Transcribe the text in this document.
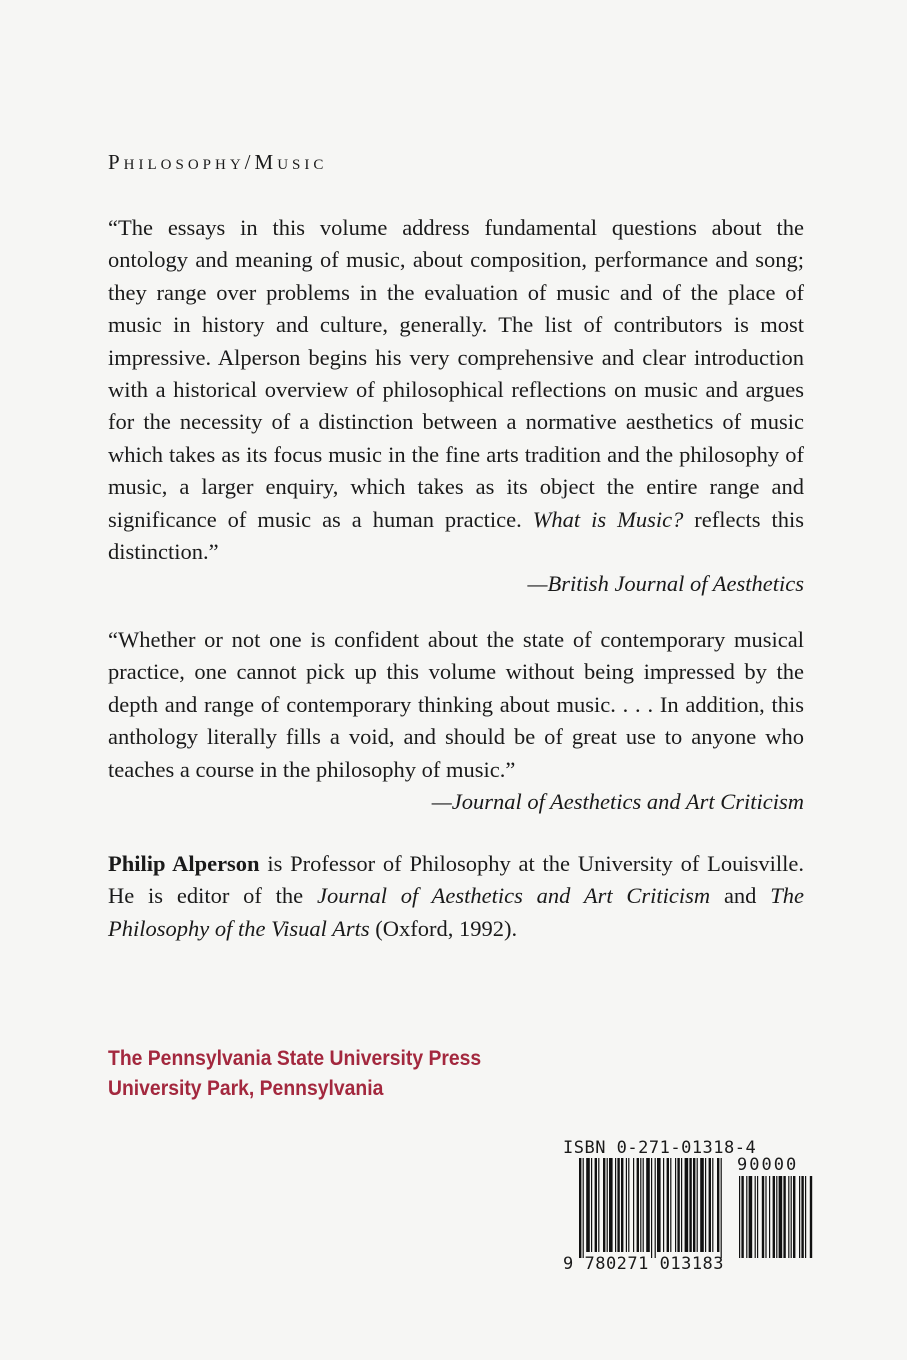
Philosophy/Music
“The essays in this volume address fundamental questions about the ontology and meaning of music, about composition, performance and song; they range over problems in the evaluation of music and of the place of music in history and culture, generally. The list of contributors is most impressive. Alperson begins his very comprehensive and clear introduction with a historical overview of philosophical reflections on music and argues for the necessity of a distinction between a normative aesthetics of music which takes as its focus music in the fine arts tradition and the philosophy of music, a larger enquiry, which takes as its object the entire range and significance of music as a human practice. What is Music? reflects this distinction.”
—British Journal of Aesthetics
“Whether or not one is confident about the state of contemporary musical practice, one cannot pick up this volume without being impressed by the depth and range of contemporary thinking about music. . . . In addition, this anthology literally fills a void, and should be of great use to anyone who teaches a course in the philosophy of music.”
—Journal of Aesthetics and Art Criticism
Philip Alperson is Professor of Philosophy at the University of Louisville. He is editor of the Journal of Aesthetics and Art Criticism and The Philosophy of the Visual Arts (Oxford, 1992).
The Pennsylvania State University Press
University Park, Pennsylvania
ISBN 0-271-01318-4
90000
9 780271 013183
